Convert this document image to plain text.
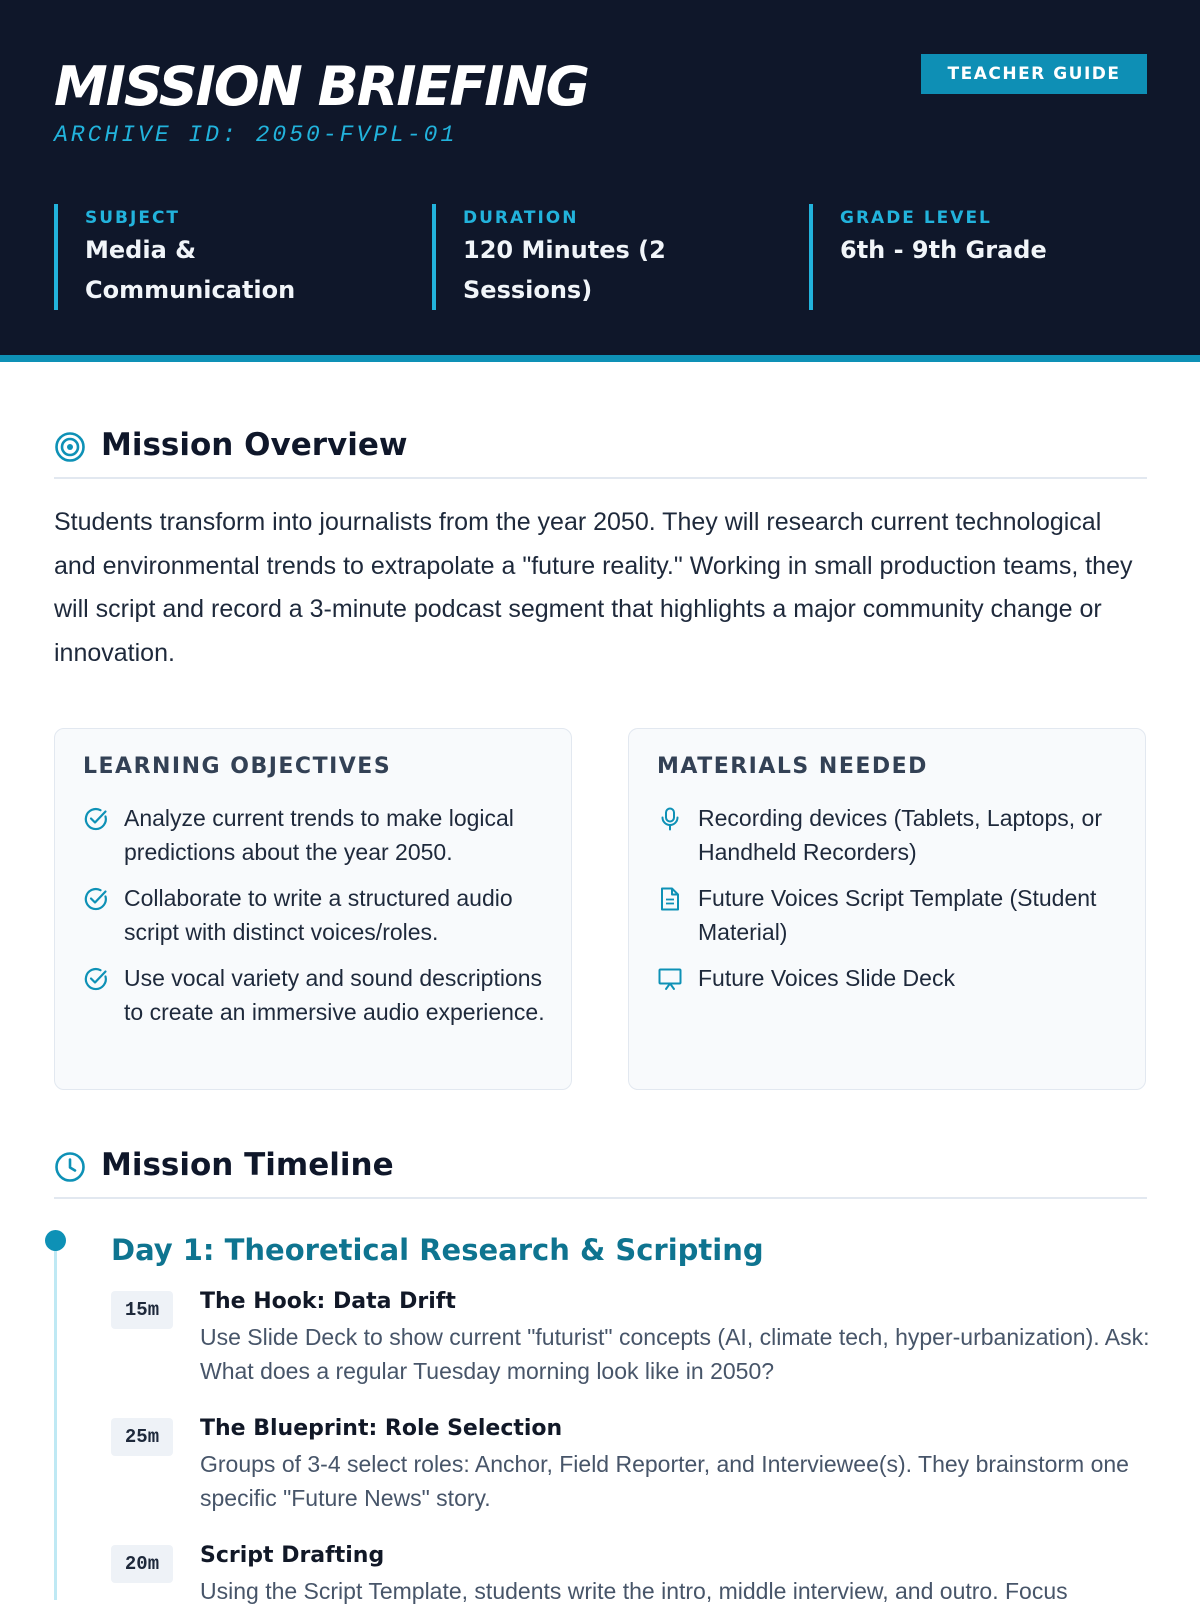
MISSION BRIEFING
ARCHIVE ID: 2050-FVPL-01
TEACHER GUIDE
SUBJECT
Media & Communication
DURATION
120 Minutes (2 Sessions)
GRADE LEVEL
6th - 9th Grade
Mission Overview

Students transform into journalists from the year 2050. They will research current technological and environmental trends to extrapolate a "future reality." Working in small production teams, they will script and record a 3-minute podcast segment that highlights a major community change or innovation.

LEARNING OBJECTIVES
Analyze current trends to make logical predictions about the year 2050.
Collaborate to write a structured audio script with distinct voices/roles.
Use vocal variety and sound descriptions to create an immersive audio experience.
MATERIALS NEEDED
Recording devices (Tablets, Laptops, or Handheld Recorders)
Future Voices Script Template (Student Material)
Future Voices Slide Deck
Mission Timeline
Day 1: Theoretical Research & Scripting
15m	The Hook: Data Drift
Use Slide Deck to show current "futurist" concepts (AI, climate tech, hyper-urbanization). Ask: What does a regular Tuesday morning look like in 2050?
25m	The Blueprint: Role Selection
Groups of 3-4 select roles: Anchor, Field Reporter, and Interviewee(s). They brainstorm one specific "Future News" story.
20m	Script Drafting
Using the Script Template, students write the intro, middle interview, and outro. Focus
